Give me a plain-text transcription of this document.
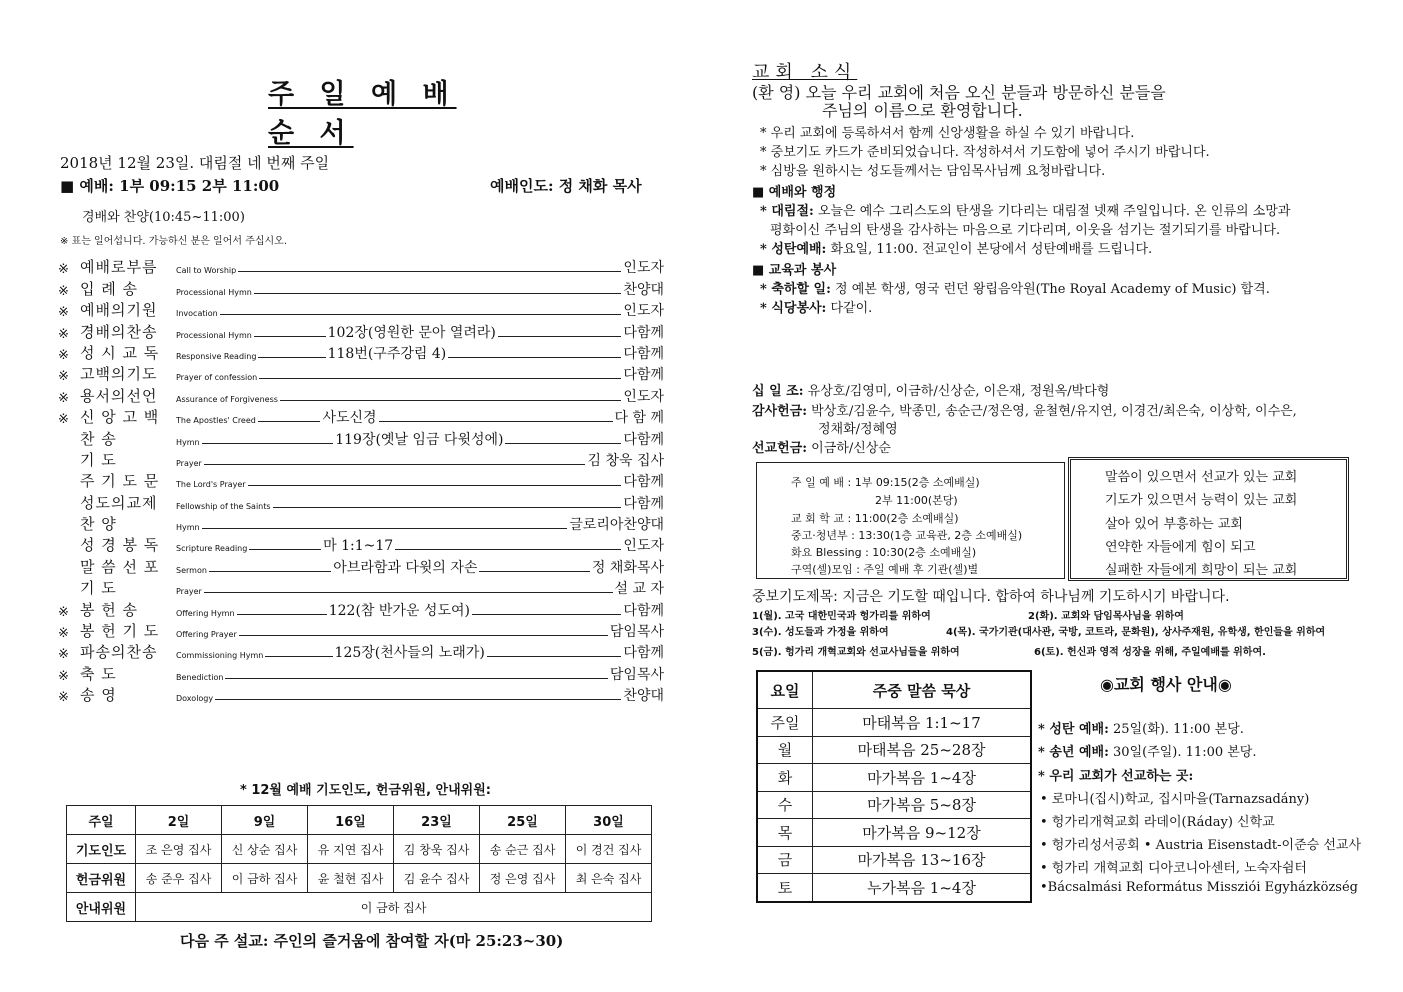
주 일 예 배 순 서
2018년 12월 23일. 대림절 네 번째 주일
■ 예배: 1부 09:15 2부 11:00	예배인도: 정 채화 목사
경배와 찬양(10:45~11:00)
※ 표는 일어섭니다. 가능하신 분은 일어서 주십시오.
※ 예배로부름	Call to Worship	인도자
※ 입 례 송	Processional Hymn	찬양대
※ 예배의기원	Invocation	인도자
※ 경배의찬송	Processional Hymn	102장(영원한 문아 열려라)	다함께
※ 성 시 교 독	Responsive Reading	118번(구주강림 4)	다함께
※ 고백의기도	Prayer of confession	다함께
※ 용서의선언	Assurance of Forgiveness	인도자
※ 신 앙 고 백	The Apostles' Creed	사도신경	다 함 께
찬 송	Hymn	119장(옛날 임금 다윗성에)	다함께
기 도	Prayer	김 창욱 집사
주 기 도 문	The Lord's Prayer	다함께
성도의교제	Fellowship of the Saints	다함께
찬 양	Hymn	글로리아찬양대
성 경 봉 독	Scripture Reading	마 1:1~17	인도자
말 씀 선 포	Sermon	아브라함과 다윗의 자손	정 채화목사
기 도	Prayer	설 교 자
※ 봉 헌 송	Offering Hymn	122(참 반가운 성도여)	다함께
※ 봉 헌 기 도	Offering Prayer	담임목사
※ 파송의찬송	Commissioning Hymn	125장(천사들의 노래가)	다함께
※ 축 도	Benediction	담임목사
※ 송 영	Doxology	찬양대
* 12월 예배 기도인도, 헌금위원, 안내위원:
주일	2일	9일	16일	23일	25일	30일
기도인도	조 은영 집사	신 상순 집사	유 지연 집사	김 창욱 집사	송 순근 집사	이 경건 집사
헌금위원	송 준우 집사	이 금하 집사	윤 철현 집사	김 윤수 집사	정 은영 집사	최 은숙 집사
안내위원	이 금하 집사					
다음 주 설교: 주인의 즐거움에 참여할 자(마 25:23~30)
교회 소식
(환 영) 오늘 우리 교회에 처음 오신 분들과 방문하신 분들을
주님의 이름으로 환영합니다.
* 우리 교회에 등록하셔서 함께 신앙생활을 하실 수 있기 바랍니다.
* 중보기도 카드가 준비되었습니다. 작성하셔서 기도함에 넣어 주시기 바랍니다.
* 심방을 원하시는 성도들께서는 담임목사님께 요청바랍니다.
■ 예배와 행정
* 대림절: 오늘은 예수 그리스도의 탄생을 기다리는 대림절 넷째 주일입니다. 온 인류의 소망과
평화이신 주님의 탄생을 감사하는 마음으로 기다리며, 이웃을 섬기는 절기되기를 바랍니다.
* 성탄예배: 화요일, 11:00. 전교인이 본당에서 성탄예배를 드립니다.
■ 교육과 봉사
* 축하할 일: 정 예본 학생, 영국 런던 왕립음악원(The Royal Academy of Music) 합격.
* 식당봉사: 다같이.
십 일 조: 유상호/김영미, 이금하/신상순, 이은재, 정원옥/박다형
감사헌금: 박상호/김윤수, 박종민, 송순근/정은영, 윤철현/유지연, 이경건/최은숙, 이상학, 이수은,
정채화/정혜영
선교헌금: 이금하/신상순
주 일 예 배 : 1부 09:15(2층 소예배실)
2부 11:00(본당)
교 회 학 교 : 11:00(2층 소예배실)
중고·청년부 : 13:30(1층 교육관, 2층 소예배실)
화요 Blessing : 10:30(2층 소예배실)
구역(셀)모임 : 주일 예배 후 기관(셀)별
말씀이 있으면서 선교가 있는 교회
기도가 있으면서 능력이 있는 교회
살아 있어 부흥하는 교회
연약한 자들에게 힘이 되고
실패한 자들에게 희망이 되는 교회
중보기도제목: 지금은 기도할 때입니다. 합하여 하나님께 기도하시기 바랍니다.
1(월). 고국 대한민국과 헝가리를 위하여	2(화). 교회와 담임목사님을 위하여
3(수). 성도들과 가정을 위하여	4(목). 국가기관(대사관, 국방, 코트라, 문화원), 상사주재원, 유학생, 한인들을 위하여
5(금). 헝가리 개혁교회와 선교사님들을 위하여	6(토). 헌신과 영적 성장을 위해, 주일예배를 위하여.
요일	주중 말씀 묵상
주일	마태복음 1:1~17
월	마태복음 25~28장
화	마가복음 1~4장
수	마가복음 5~8장
목	마가복음 9~12장
금	마가복음 13~16장
토	누가복음 1~4장
◉교회 행사 안내◉
* 성탄 예배: 25일(화). 11:00 본당.
* 송년 예배: 30일(주일). 11:00 본당.
* 우리 교회가 선교하는 곳:
• 로마니(집시)학교, 집시마을(Tarnazsadány)
• 헝가리개혁교회 라데이(Ráday) 신학교
• 헝가리성서공회 • Austria Eisenstadt-이준승 선교사
• 헝가리 개혁교회 디아코니아센터, 노숙자쉼터
•Bácsalmási Református Missziói Egyházközség
